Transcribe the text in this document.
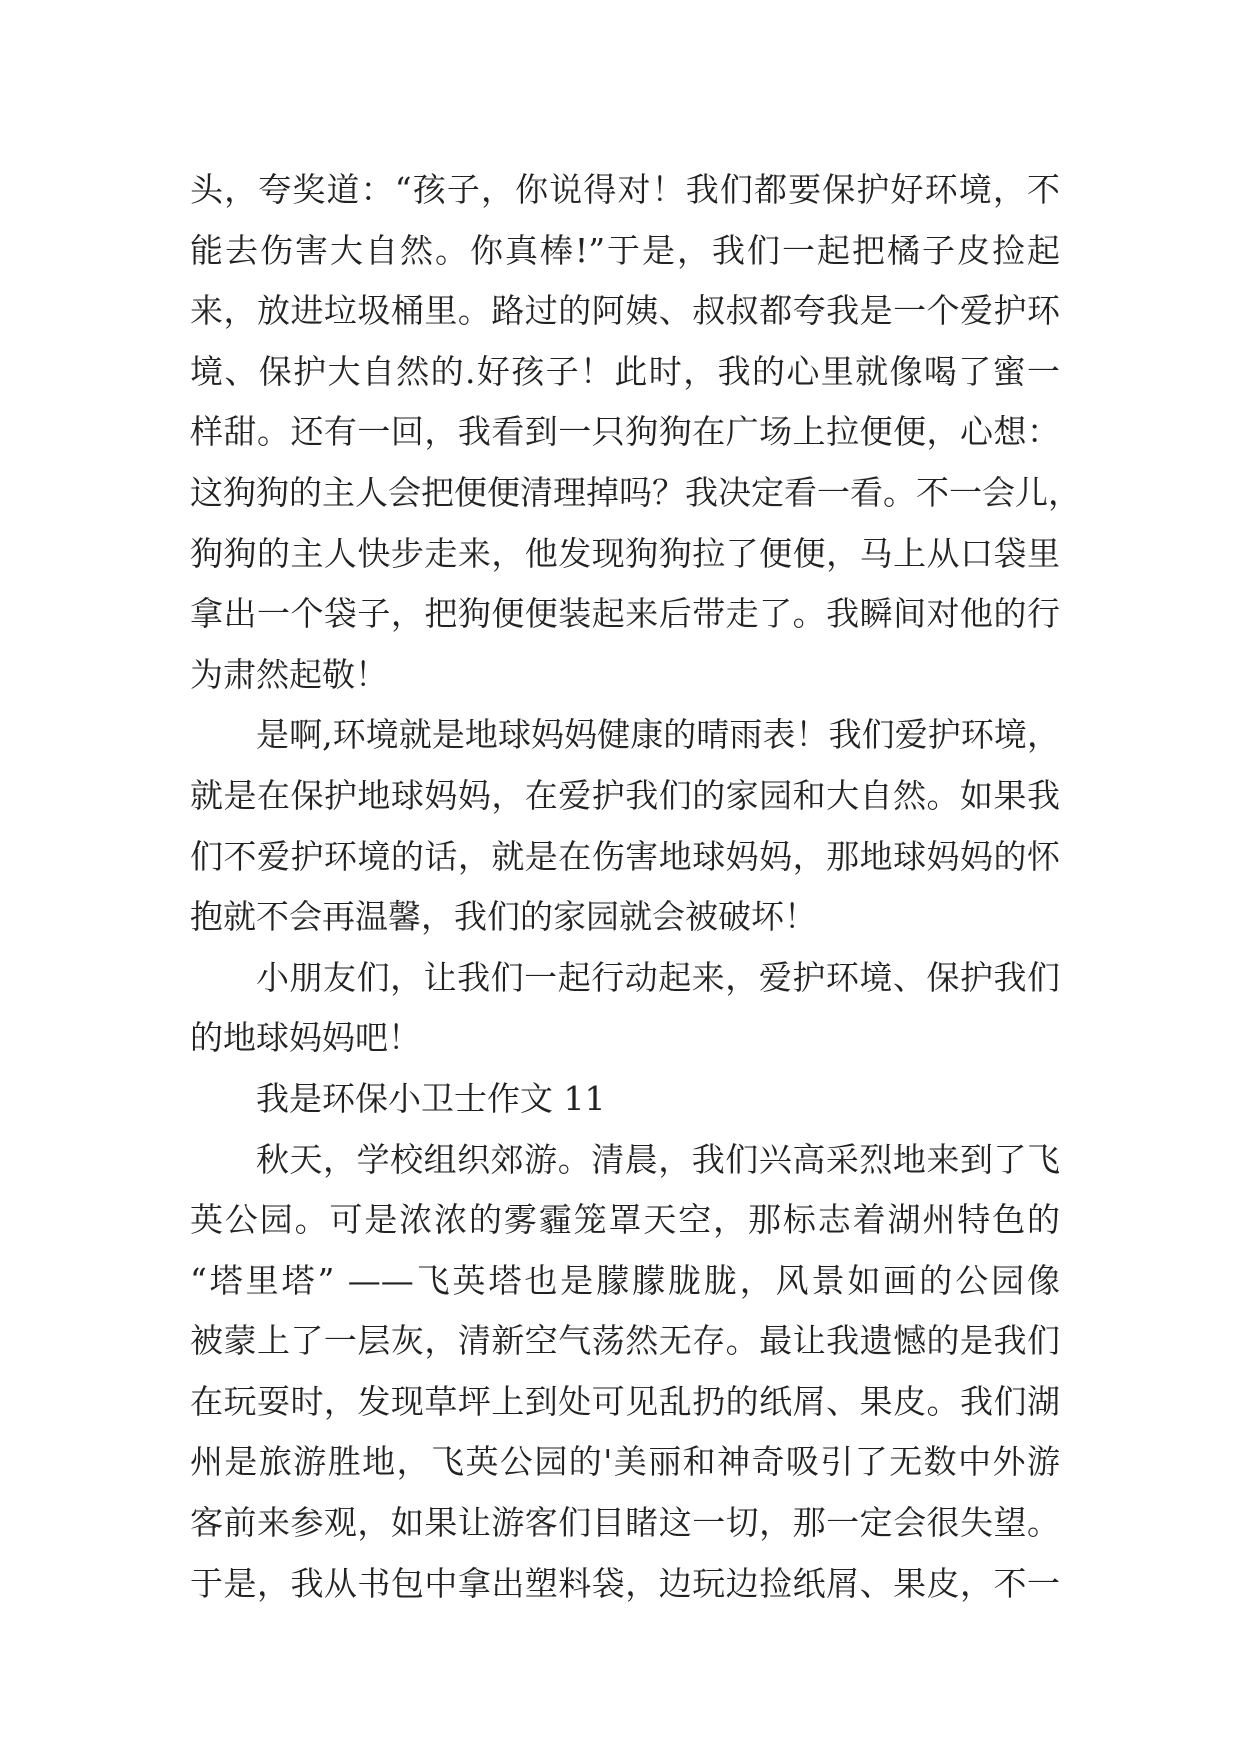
头，夸奖道：“孩子，你说得对！我们都要保护好环境，不
能去伤害大自然。你真棒!”于是，我们一起把橘子皮捡起
来，放进垃圾桶里。路过的阿姨、叔叔都夸我是一个爱护环
境、保护大自然的.好孩子！此时，我的心里就像喝了蜜一
样甜。还有一回，我看到一只狗狗在广场上拉便便，心想：
这狗狗的主人会把便便清理掉吗？我决定看一看。不一会儿，
狗狗的主人快步走来，他发现狗狗拉了便便，马上从口袋里
拿出一个袋子，把狗便便装起来后带走了。我瞬间对他的行
为肃然起敬！
是啊,环境就是地球妈妈健康的晴雨表！我们爱护环境，
就是在保护地球妈妈，在爱护我们的家园和大自然。如果我
们不爱护环境的话，就是在伤害地球妈妈，那地球妈妈的怀
抱就不会再温馨，我们的家园就会被破坏！
小朋友们，让我们一起行动起来，爱护环境、保护我们
的地球妈妈吧！
我是环保小卫士作文 11
秋天，学校组织郊游。清晨，我们兴高采烈地来到了飞
英公园。可是浓浓的雾霾笼罩天空，那标志着湖州特色的
“塔里塔” ——飞英塔也是朦朦胧胧，风景如画的公园像
被蒙上了一层灰，清新空气荡然无存。最让我遗憾的是我们
在玩耍时，发现草坪上到处可见乱扔的纸屑、果皮。我们湖
州是旅游胜地，飞英公园的'美丽和神奇吸引了无数中外游
客前来参观，如果让游客们目睹这一切，那一定会很失望。
于是，我从书包中拿出塑料袋，边玩边捡纸屑、果皮，不一
